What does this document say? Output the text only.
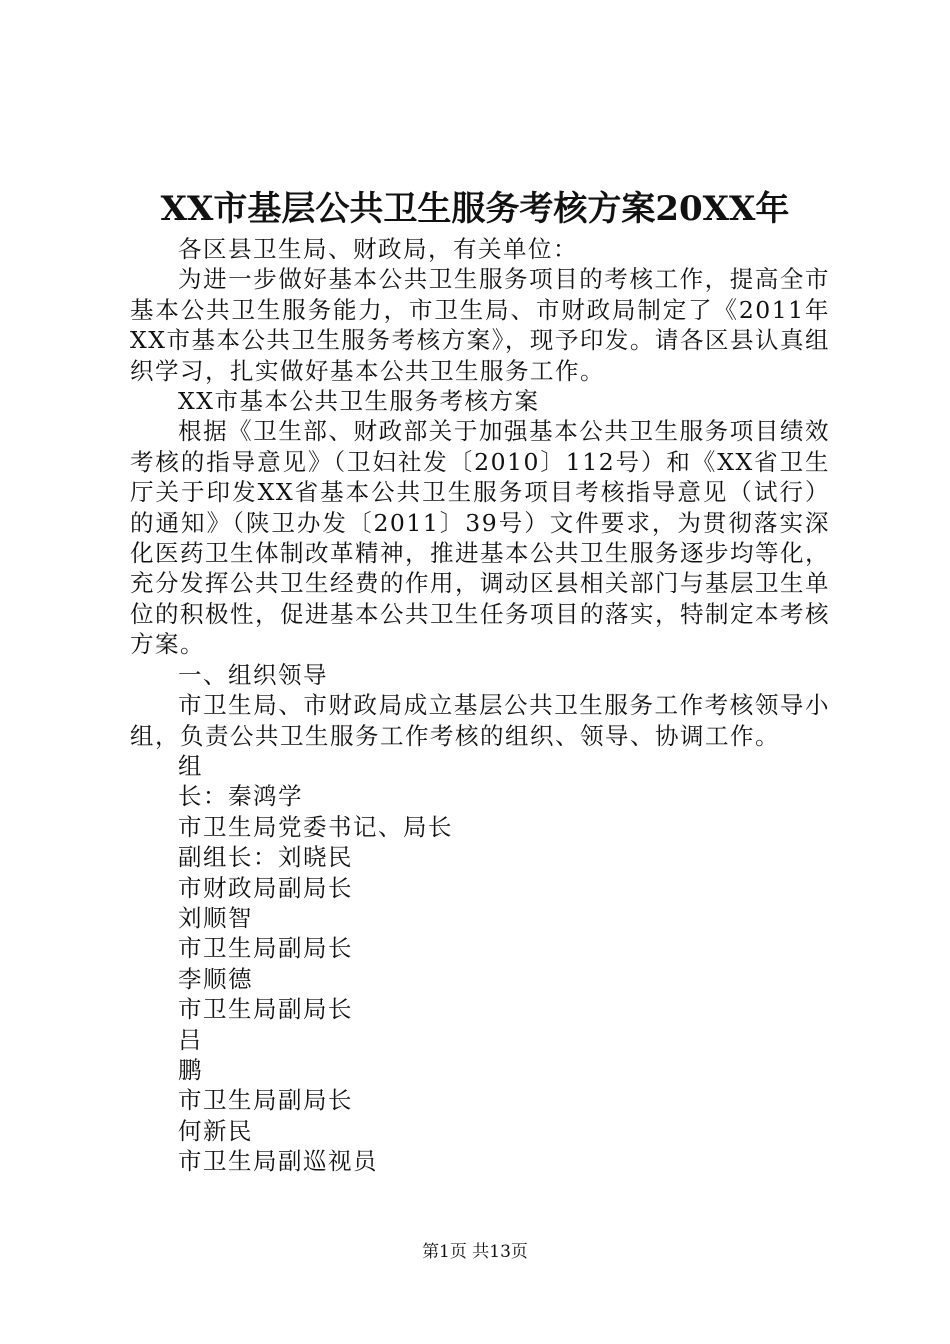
XX市基层公共卫生服务考核方案20XX年

各区县卫生局、财政局，有关单位：

为进一步做好基本公共卫生服务项目的考核工作，提高全市基本公共卫生服务能力，市卫生局、市财政局制定了《2011年XX市基本公共卫生服务考核方案》，现予印发。请各区县认真组织学习，扎实做好基本公共卫生服务工作。

XX市基本公共卫生服务考核方案

根据《卫生部、财政部关于加强基本公共卫生服务项目绩效考核的指导意见》（卫妇社发〔2010〕112号）和《XX省卫生厅关于印发XX省基本公共卫生服务项目考核指导意见（试行）的通知》（陕卫办发〔2011〕39号）文件要求，为贯彻落实深化医药卫生体制改革精神，推进基本公共卫生服务逐步均等化，充分发挥公共卫生经费的作用，调动区县相关部门与基层卫生单位的积极性，促进基本公共卫生任务项目的落实，特制定本考核方案。

一、组织领导

市卫生局、市财政局成立基层公共卫生服务工作考核领导小组，负责公共卫生服务工作考核的组织、领导、协调工作。

组
长：秦鸿学
市卫生局党委书记、局长
副组长：刘晓民
市财政局副局长
刘顺智
市卫生局副局长
李顺德
市卫生局副局长
吕
鹏
市卫生局副局长
何新民
市卫生局副巡视员
第1页 共13页
